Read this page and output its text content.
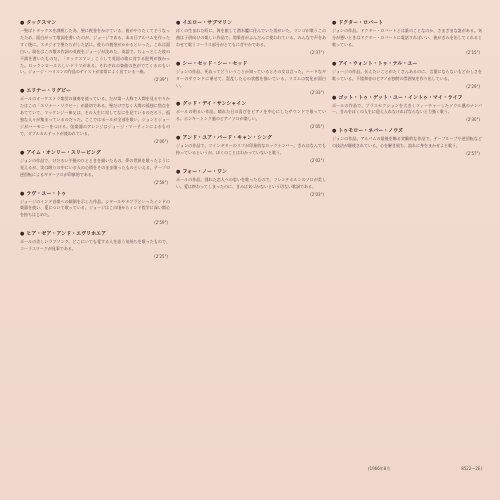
● タックスマン

一聖ばトタックスを課税した為、聖に税金をかけている。彼がやりたくてそうなったため、面白がって歌詞を書いたのが、ジョージである。ある日アルバムを作ったすぐ後に、スタジオで聖たちがした話に、彼らの税金がかかるといった。これは面白い。現在はこの歌の作詞の英税をジョージが決めた。英語で、ちょっとした彼の不満を書いたものだ。「タックスマン」こうして英国の歌に対する批判が強かった。ロックンロールらしいドラマがある。それぞれの楽曲の色がでてくるのもいい。ジョージ・ハリスンの作品のテイストが非常によく出ている一曲。

(2'39")
● エリナー・リグビー

ポールのオーケストラ楽団の演奏を使っている。だが第一人称で人間を見るやりかたはこの「エリナー・リグビー」が最初である。聖だけでなく人間の孤独に焦点をあてていて、マッケンジー神父は、その人生に対してなにを見ているのだろう。孤独な人々が集まっているのだった。ここではポールが全部を歌い、ジョンとジョージがハーモニーをつける。弦楽器のアレンジはジョージ・マーティンによるもので、ダブルカルテットが使われている。

(2'06")
● アイム・オンリー・スリーピング

ジョンの作品で、けだるい午後のひとときを描いたもの。夢の世界を歌ったように見えるが、実は眠りの中にいる人の心情をそのまま歌ったものといえる。テープの逆回転によるギターソロが印象的である。

(2'58")
● ラヴ・ユー・トゥ

ジョージのインド音楽への傾倒を示した作品。シタールやタブラといったインドの楽器を使い、愛について歌っている。ジョージはこの頃からインド哲学に深い関心を持ちはじめた。

(2'59")
● ヒア・ゼア・アンド・エヴリホエア

ポールの美しいラブソング。どこにいても愛する人を思う気持ちを歌ったもので、コーラスワークが見事である。

(2'25")
● イエロー・サブマリン

ぼくの生まれた町に、海を旅して潜水艦に住んでいた男がいた。リンゴが歌うこの曲は子供向けの楽しい作品で、効果音がふんだんに使われている。みんなで声をあわせて歌うコーラス部分がとてもにぎやかである。

(2'37")
● シー・セッド・シー・セッド

ジョンの作品。死ぬってどういうことか知っているとその女は言った。ハードなギターのサウンドに乗せて、混乱した心の状態を描いている。リズムの変化が面白い。

(2'33")
● グッド・デイ・サンシャイン

ポールの明るい作品。晴れた日の喜びをピアノを中心にしたサウンドで歌っている。ホンキートンク風のピアノソロが楽しい。

(2'05")
● アンド・ユア・バード・キャン・シング

ジョンの作品で、ツインギターのリフが印象的なロックナンバー。きみはなんでも持っているというが、ぼくのことはわかっていないと歌う。

(2'02")
● フォー・ノー・ワン

ポールの作品。別れた恋人への思いを歌ったもので、フレンチホルンのソロが美しい。愛は終わってしまったのに、きみは気づかないという切ない歌詞である。

(2'03")
● ドクター・ロバート

ジョンの作品。ドクター・ロバートとは誰のことなのか、さまざまな説がある。気分が悪いときはドクター・ロバートに電話すればいい、彼がきみを治してくれると歌っている。

(2'15")
● アイ・ウォント・トゥ・テル・ユー

ジョージの作品。伝えたいことがたくさんあるのに、言葉にならないもどかしさを歌っている。不協和音のピアノが独特の雰囲気を作り出している。

(2'29")
● ゴット・トゥ・ゲット・ユー・イントゥ・マイ・ライフ

ポールの作品で、ブラスセクションを大きくフィーチャーしたソウル風のナンバー。きみをぼくの人生に迎え入れなければならないと力強く歌う。

(2'30")
● トゥモロー・ネバー・ノウズ

ジョンの作品。アルバムの最後を飾る実験的な作品で、テープループや逆回転などの技法が駆使されている。心を解き放ち、流れに身をまかせよと歌う。

(2'57")
(1966年8月	8522—2E)
